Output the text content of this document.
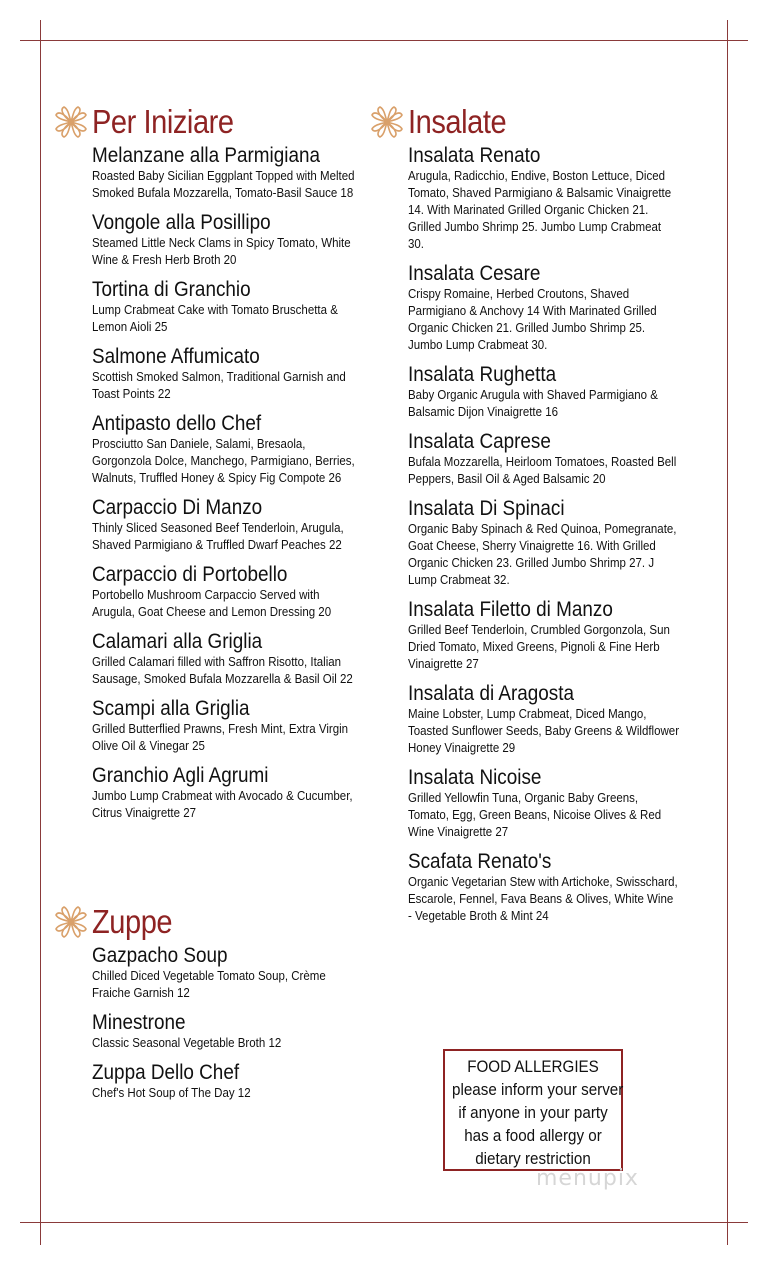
Per Iniziare
Melanzane alla Parmigiana
Roasted Baby Sicilian Eggplant Topped with Melted Smoked Bufala Mozzarella, Tomato-Basil Sauce 18
Vongole alla Posillipo
Steamed Little Neck Clams in Spicy Tomato, White Wine & Fresh Herb Broth 20
Tortina di Granchio
Lump Crabmeat Cake with Tomato Bruschetta & Lemon Aioli 25
Salmone Affumicato
Scottish Smoked Salmon, Traditional Garnish and Toast Points 22
Antipasto dello Chef
Prosciutto San Daniele, Salami, Bresaola, Gorgonzola Dolce, Manchego, Parmigiano, Berries, Walnuts, Truffled Honey & Spicy Fig Compote 26
Carpaccio Di Manzo
Thinly Sliced Seasoned Beef Tenderloin, Arugula, Shaved Parmigiano & Truffled Dwarf Peaches 22
Carpaccio di Portobello
Portobello Mushroom Carpaccio Served with Arugula, Goat Cheese and Lemon Dressing 20
Calamari alla Griglia
Grilled Calamari filled with Saffron Risotto, Italian Sausage, Smoked Bufala Mozzarella & Basil Oil 22
Scampi alla Griglia
Grilled Butterflied Prawns, Fresh Mint, Extra Virgin Olive Oil & Vinegar 25
Granchio Agli Agrumi
Jumbo Lump Crabmeat with Avocado & Cucumber, Citrus Vinaigrette 27
Insalate
Insalata Renato
Arugula, Radicchio, Endive, Boston Lettuce, Diced Tomato, Shaved Parmigiano & Balsamic Vinaigrette 14. With Marinated Grilled Organic Chicken 21. Grilled Jumbo Shrimp 25. Jumbo Lump Crabmeat 30.
Insalata Cesare
Crispy Romaine, Herbed Croutons, Shaved Parmigiano & Anchovy 14 With Marinated Grilled Organic Chicken 21. Grilled Jumbo Shrimp 25. Jumbo Lump Crabmeat 30.
Insalata Rughetta
Baby Organic Arugula with Shaved Parmigiano & Balsamic Dijon Vinaigrette 16
Insalata Caprese
Bufala Mozzarella, Heirloom Tomatoes, Roasted Bell Peppers, Basil Oil & Aged Balsamic 20
Insalata Di Spinaci
Organic Baby Spinach & Red Quinoa, Pomegranate, Goat Cheese, Sherry Vinaigrette 16. With Grilled Organic Chicken 23. Grilled Jumbo Shrimp 27. J Lump Crabmeat 32.
Insalata Filetto di Manzo
Grilled Beef Tenderloin, Crumbled Gorgonzola, Sun Dried Tomato, Mixed Greens, Pignoli & Fine Herb Vinaigrette 27
Insalata di Aragosta
Maine Lobster, Lump Crabmeat, Diced Mango, Toasted Sunflower Seeds, Baby Greens & Wildflower Honey Vinaigrette 29
Insalata Nicoise
Grilled Yellowfin Tuna, Organic Baby Greens, Tomato, Egg, Green Beans, Nicoise Olives & Red Wine Vinaigrette 27
Scafata Renato's
Organic Vegetarian Stew with Artichoke, Swisschard, Escarole, Fennel, Fava Beans & Olives, White Wine - Vegetable Broth & Mint 24
Zuppe
Gazpacho Soup
Chilled Diced Vegetable Tomato Soup, Crème Fraiche Garnish 12
Minestrone
Classic Seasonal Vegetable Broth 12
Zuppa Dello Chef
Chef's Hot Soup of The Day 12
FOOD ALLERGIES
please inform your server
if anyone in your party
has a food allergy or
dietary restriction
menupix
